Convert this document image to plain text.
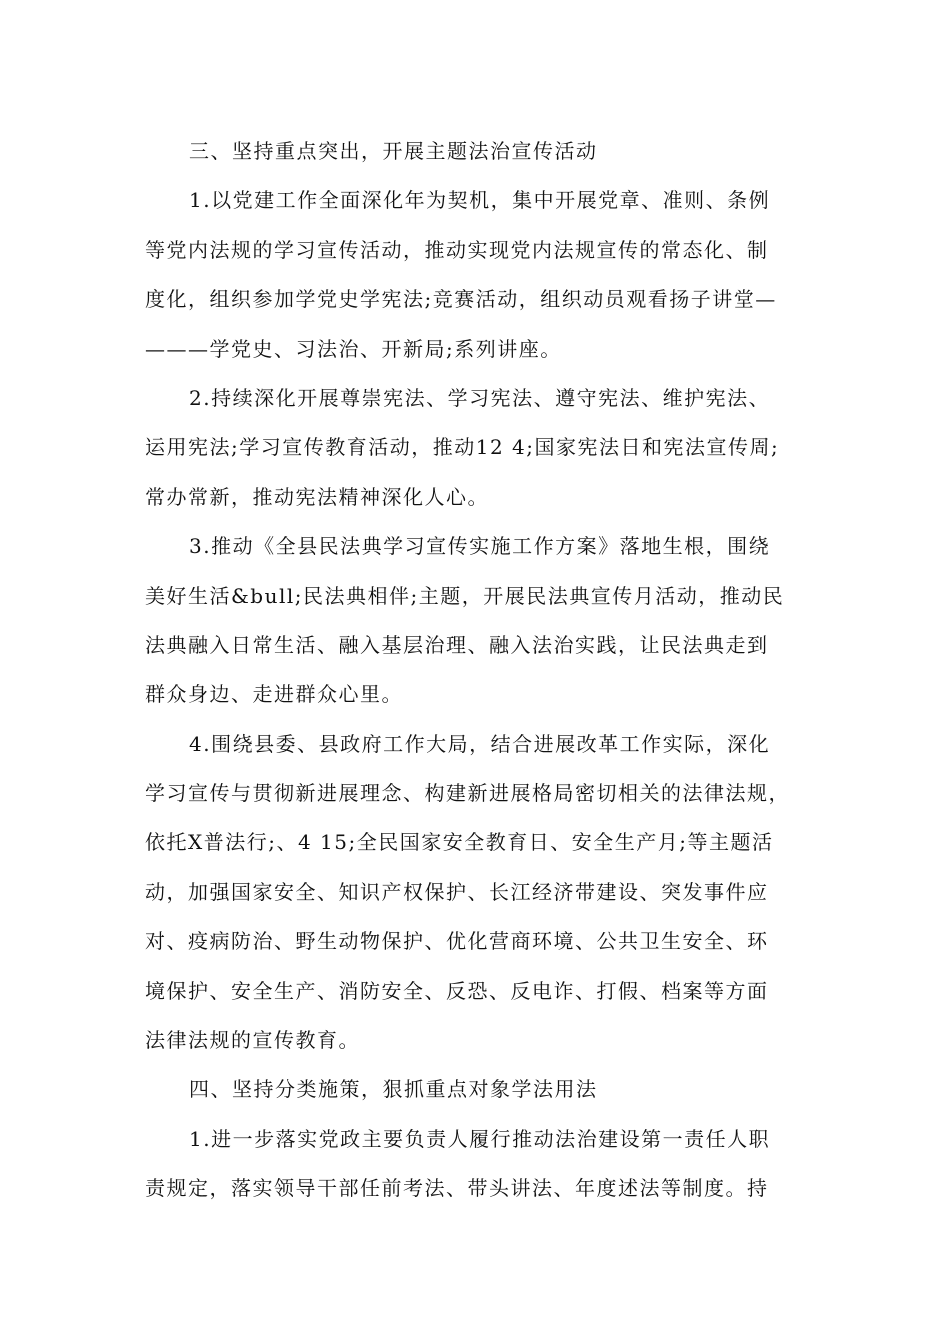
三、坚持重点突出，开展主题法治宣传活动
1.以党建工作全面深化年为契机，集中开展党章、准则、条例
等党内法规的学习宣传活动，推动实现党内法规宣传的常态化、制
度化，组织参加学党史学宪法;竞赛活动，组织动员观看扬子讲堂—
———学党史、习法治、开新局;系列讲座。
2.持续深化开展尊崇宪法、学习宪法、遵守宪法、维护宪法、
运用宪法;学习宣传教育活动，推动12 4;国家宪法日和宪法宣传周;
常办常新，推动宪法精神深化人心。
3.推动《全县民法典学习宣传实施工作方案》落地生根，围绕
美好生活&bull;民法典相伴;主题，开展民法典宣传月活动，推动民
法典融入日常生活、融入基层治理、融入法治实践，让民法典走到
群众身边、走进群众心里。
4.围绕县委、县政府工作大局，结合进展改革工作实际，深化
学习宣传与贯彻新进展理念、构建新进展格局密切相关的法律法规，
依托X普法行;、4 15;全民国家安全教育日、安全生产月;等主题活
动，加强国家安全、知识产权保护、长江经济带建设、突发事件应
对、疫病防治、野生动物保护、优化营商环境、公共卫生安全、环
境保护、安全生产、消防安全、反恐、反电诈、打假、档案等方面
法律法规的宣传教育。
四、坚持分类施策，狠抓重点对象学法用法
1.进一步落实党政主要负责人履行推动法治建设第一责任人职
责规定，落实领导干部任前考法、带头讲法、年度述法等制度。持
